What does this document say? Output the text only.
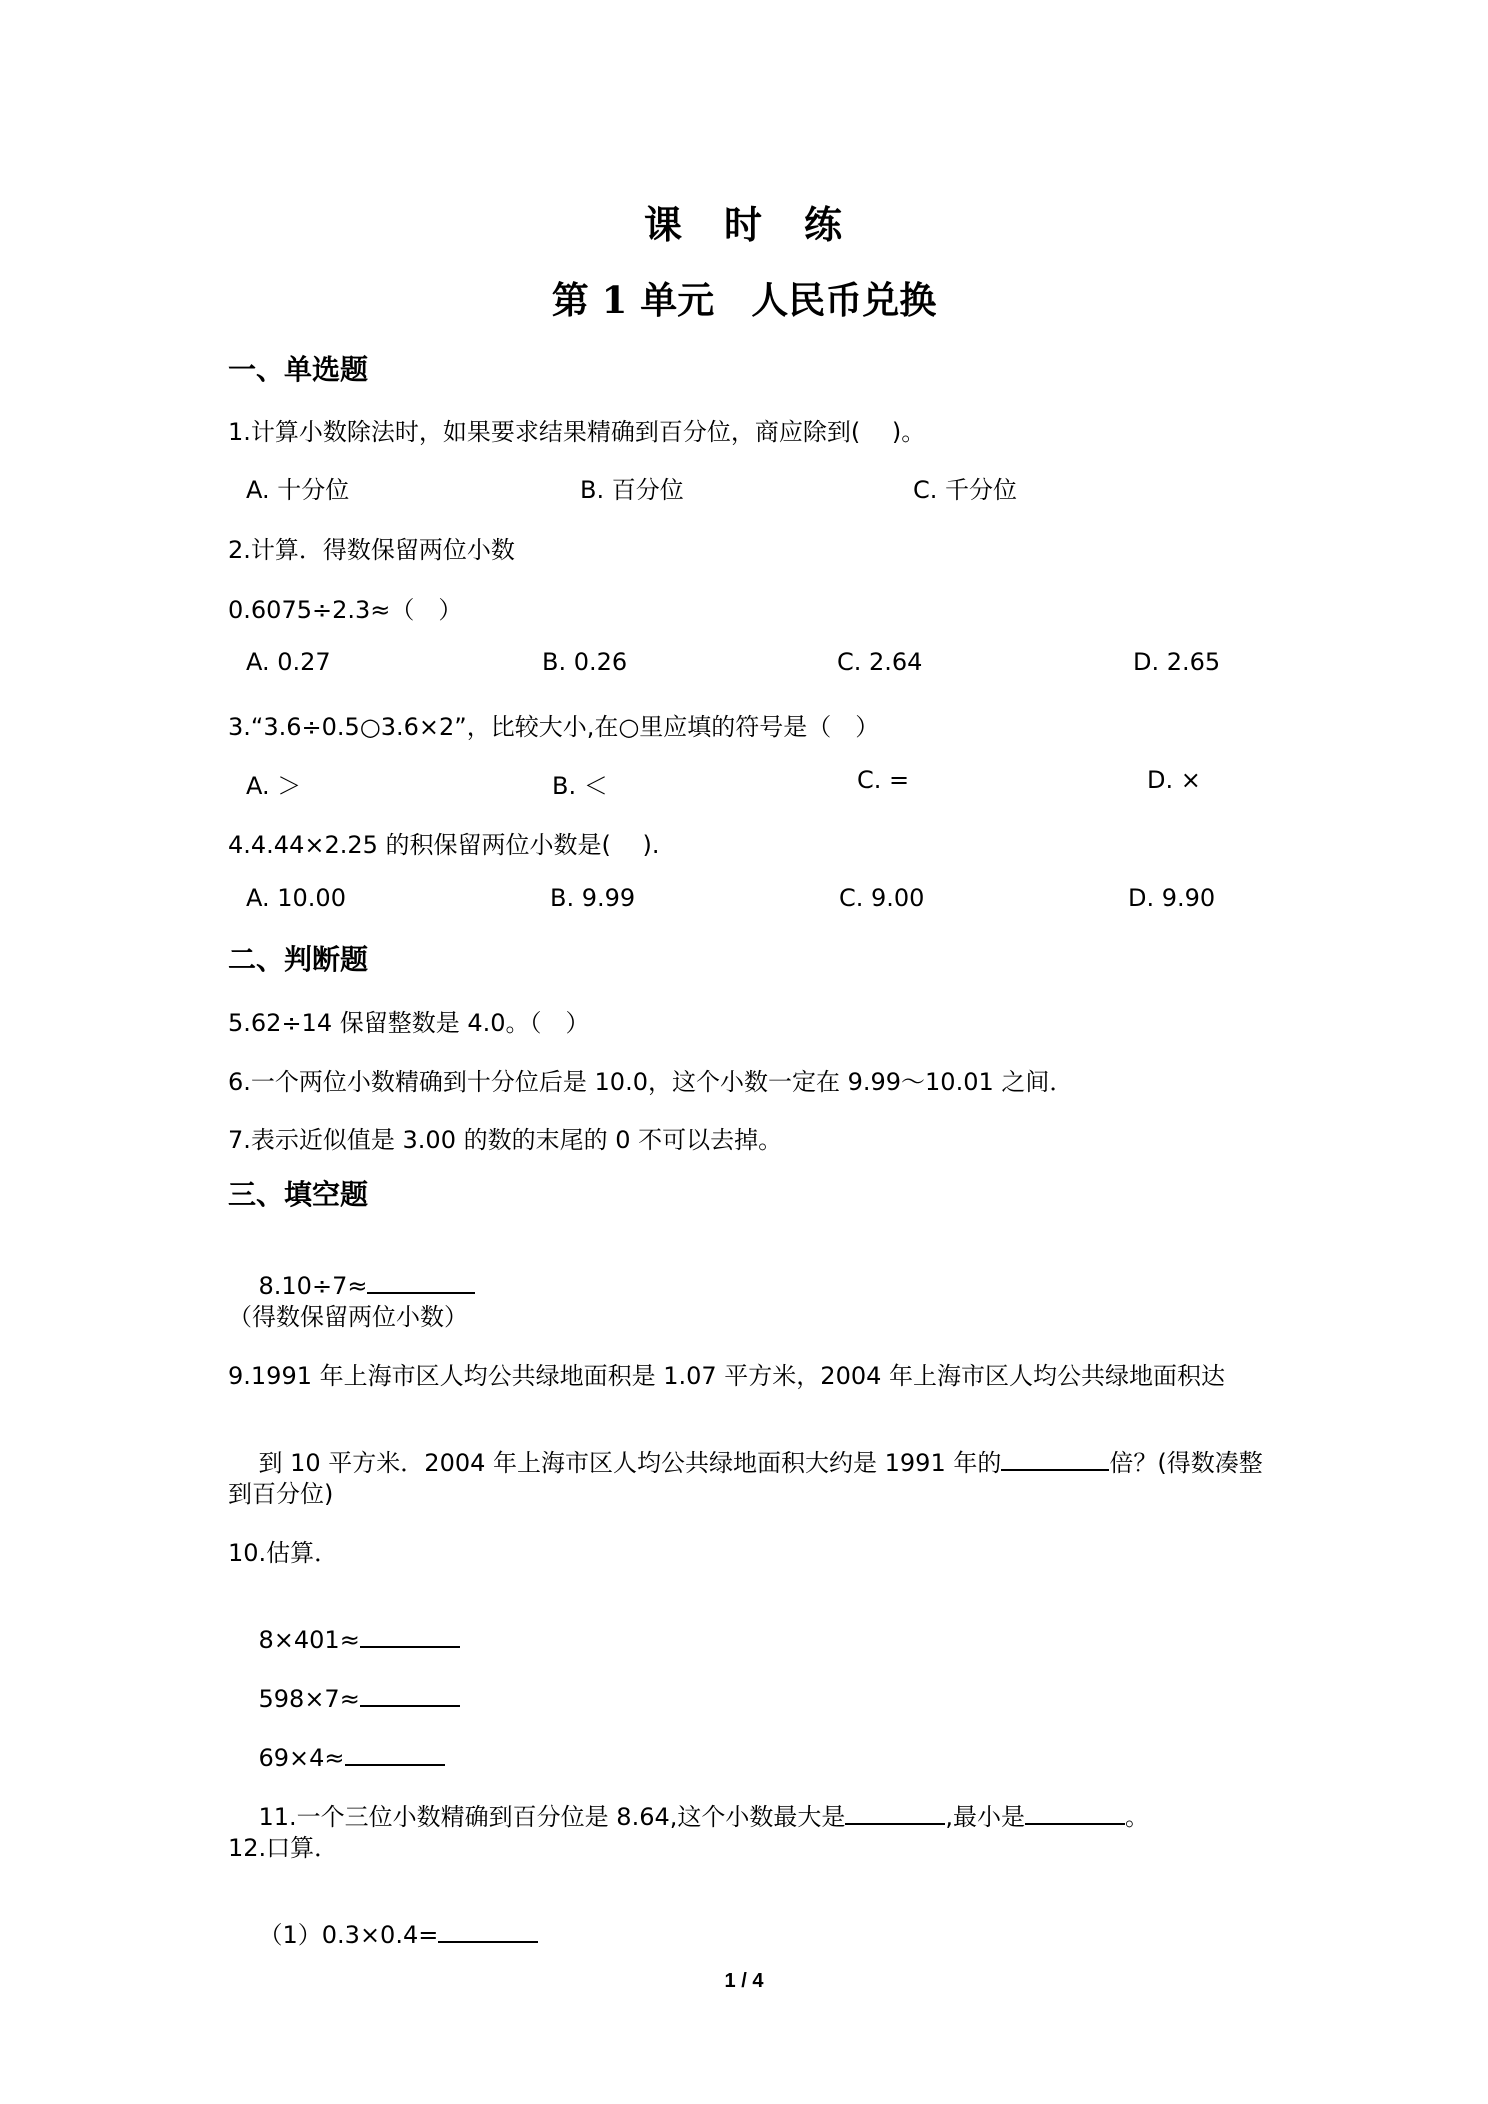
课　时　练
第 1 单元　人民币兑换
一、单选题
1.计算小数除法时，如果要求结果精确到百分位，商应除到(　 )。
A. 十分位	B. 百分位	C. 千分位
2.计算．得数保留两位小数
0.6075÷2.3≈（　）
A. 0.27	B. 0.26	C. 2.64	D. 2.65
3.“3.6÷0.5○3.6×2”，比较大小,在○里应填的符号是（　）
A. ＞	B. ＜	C. =	D. ×
4.4.44×2.25 的积保留两位小数是(　 ).
A. 10.00	B. 9.99	C. 9.00	D. 9.90
二、判断题
5.62÷14 保留整数是 4.0。（　）
6.一个两位小数精确到十分位后是 10.0，这个小数一定在 9.99～10.01 之间．
7.表示近似值是 3.00 的数的末尾的 0 不可以去掉。
三、填空题

8.10÷7≈

（得数保留两位小数）
9.1991 年上海市区人均公共绿地面积是 1.07 平方米，2004 年上海市区人均公共绿地面积达

到 10 平方米．2004 年上海市区人均公共绿地面积大约是 1991 年的	倍？(得数凑整

到百分位)
10.估算．

8×401≈

598×7≈

69×4≈

11.一个三位小数精确到百分位是 8.64,这个小数最大是	,最小是	。

12.口算．

（1）0.3×0.4=

1 / 4
